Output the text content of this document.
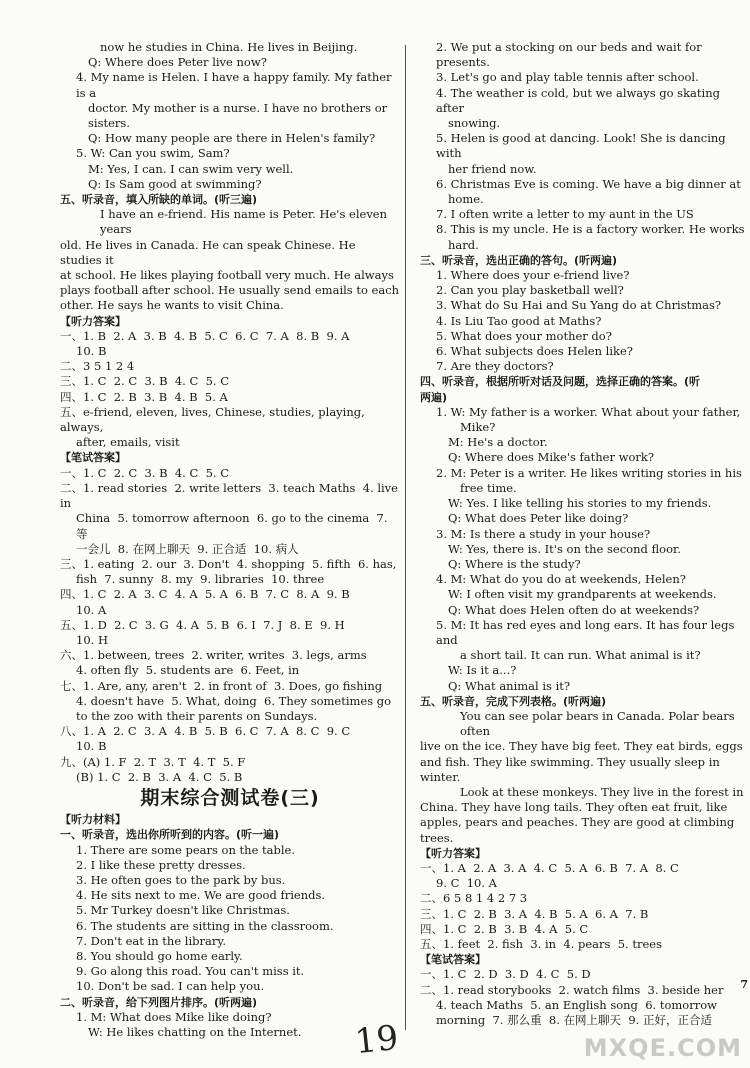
now he studies in China. He lives in Beijing.
Q: Where does Peter live now?
4. My name is Helen. I have a happy family. My father is a
doctor. My mother is a nurse. I have no brothers or
sisters.
Q: How many people are there in Helen's family?
5. W: Can you swim, Sam?
M: Yes, I can. I can swim very well.
Q: Is Sam good at swimming?
五、听录音，填入所缺的单词。(听三遍)
I have an e-friend. His name is Peter. He's eleven years
old. He lives in Canada. He can speak Chinese. He studies it
at school. He likes playing football very much. He always
plays football after school. He usually send emails to each
other. He says he wants to visit China.
【听力答案】
一、1. B  2. A  3. B  4. B  5. C  6. C  7. A  8. B  9. A
10. B
二、3 5 1 2 4
三、1. C  2. C  3. B  4. C  5. C
四、1. C  2. B  3. B  4. B  5. A
五、e-friend, eleven, lives, Chinese, studies, playing, always,
after, emails, visit
【笔试答案】
一、1. C  2. C  3. B  4. C  5. C
二、1. read stories  2. write letters  3. teach Maths  4. live in
China  5. tomorrow afternoon  6. go to the cinema  7. 等
一会儿  8. 在网上聊天  9. 正合适  10. 病人
三、1. eating  2. our  3. Don't  4. shopping  5. fifth  6. has,
fish  7. sunny  8. my  9. libraries  10. three
四、1. C  2. A  3. C  4. A  5. A  6. B  7. C  8. A  9. B
10. A
五、1. D  2. C  3. G  4. A  5. B  6. I  7. J  8. E  9. H
10. H
六、1. between, trees  2. writer, writes  3. legs, arms
4. often fly  5. students are  6. Feet, in
七、1. Are, any, aren't  2. in front of  3. Does, go fishing
4. doesn't have  5. What, doing  6. They sometimes go
to the zoo with their parents on Sundays.
八、1. A  2. C  3. A  4. B  5. B  6. C  7. A  8. C  9. C
10. B
九、(A) 1. F  2. T  3. T  4. T  5. F
(B) 1. C  2. B  3. A  4. C  5. B
期末综合测试卷(三)
【听力材料】
一、听录音，选出你所听到的内容。(听一遍)
1. There are some pears on the table.
2. I like these pretty dresses.
3. He often goes to the park by bus.
4. He sits next to me. We are good friends.
5. Mr Turkey doesn't like Christmas.
6. The students are sitting in the classroom.
7. Don't eat in the library.
8. You should go home early.
9. Go along this road. You can't miss it.
10. Don't be sad. I can help you.
二、听录音，给下列图片排序。(听两遍)
1. M: What does Mike like doing?
W: He likes chatting on the Internet.
2. We put a stocking on our beds and wait for presents.
3. Let's go and play table tennis after school.
4. The weather is cold, but we always go skating after
snowing.
5. Helen is good at dancing. Look! She is dancing with
her friend now.
6. Christmas Eve is coming. We have a big dinner at
home.
7. I often write a letter to my aunt in the US
8. This is my uncle. He is a factory worker. He works
hard.
三、听录音，选出正确的答句。(听两遍)
1. Where does your e-friend live?
2. Can you play basketball well?
3. What do Su Hai and Su Yang do at Christmas?
4. Is Liu Tao good at Maths?
5. What does your mother do?
6. What subjects does Helen like?
7. Are they doctors?
四、听录音，根据所听对话及问题，选择正确的答案。(听
两遍)
1. W: My father is a worker. What about your father,
Mike?
M: He's a doctor.
Q: Where does Mike's father work?
2. M: Peter is a writer. He likes writing stories in his
free time.
W: Yes. I like telling his stories to my friends.
Q: What does Peter like doing?
3. M: Is there a study in your house?
W: Yes, there is. It's on the second floor.
Q: Where is the study?
4. M: What do you do at weekends, Helen?
W: I often visit my grandparents at weekends.
Q: What does Helen often do at weekends?
5. M: It has red eyes and long ears. It has four legs and
a short tail. It can run. What animal is it?
W: Is it a...?
Q: What animal is it?
五、听录音，完成下列表格。(听两遍)
You can see polar bears in Canada. Polar bears often
live on the ice. They have big feet. They eat birds, eggs
and fish. They like swimming. They usually sleep in
winter.
Look at these monkeys. They live in the forest in
China. They have long tails. They often eat fruit, like
apples, pears and peaches. They are good at climbing trees.
【听力答案】
一、1. A  2. A  3. A  4. C  5. A  6. B  7. A  8. C
9. C  10. A
二、6 5 8 1 4 2 7 3
三、1. C  2. B  3. A  4. B  5. A  6. A  7. B
四、1. C  2. B  3. B  4. A  5. C
五、1. feet  2. fish  3. in  4. pears  5. trees
【笔试答案】
一、1. C  2. D  3. D  4. C  5. D
二、1. read storybooks  2. watch films  3. beside her
4. teach Maths  5. an English song  6. tomorrow
morning  7. 那么重  8. 在网上聊天  9. 正好，正合适
19
7
MXQE.COM
